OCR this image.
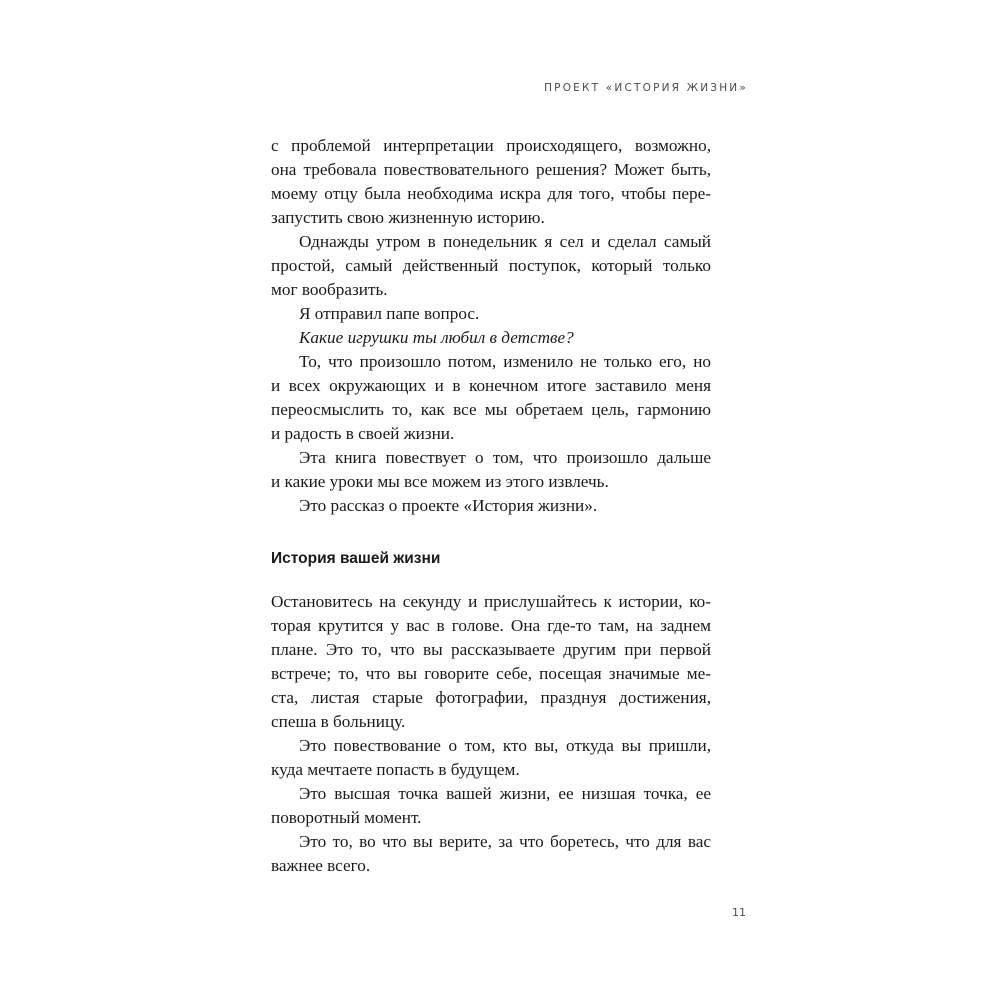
ПРОЕКТ «ИСТОРИЯ ЖИЗНИ»
с проблемой интерпретации происходящего, возможно,
она требовала повествовательного решения? Может быть,
моему отцу была необходима искра для того, чтобы пере-
запустить свою жизненную историю.
Однажды утром в понедельник я сел и сделал самый
простой, самый действенный поступок, который только
мог вообразить.
Я отправил папе вопрос.
Какие игрушки ты любил в детстве?
То, что произошло потом, изменило не только его, но
и всех окружающих и в конечном итоге заставило меня
переосмыслить то, как все мы обретаем цель, гармонию
и радость в своей жизни.
Эта книга повествует о том, что произошло дальше
и какие уроки мы все можем из этого извлечь.
Это рассказ о проекте «История жизни».
История вашей жизни
Остановитесь на секунду и прислушайтесь к истории, ко-
торая крутится у вас в голове. Она где-то там, на заднем
плане. Это то, что вы рассказываете другим при первой
встрече; то, что вы говорите себе, посещая значимые ме-
ста, листая старые фотографии, празднуя достижения,
спеша в больницу.
Это повествование о том, кто вы, откуда вы пришли,
куда мечтаете попасть в будущем.
Это высшая точка вашей жизни, ее низшая точка, ее
поворотный момент.
Это то, во что вы верите, за что боретесь, что для вас
важнее всего.
11
